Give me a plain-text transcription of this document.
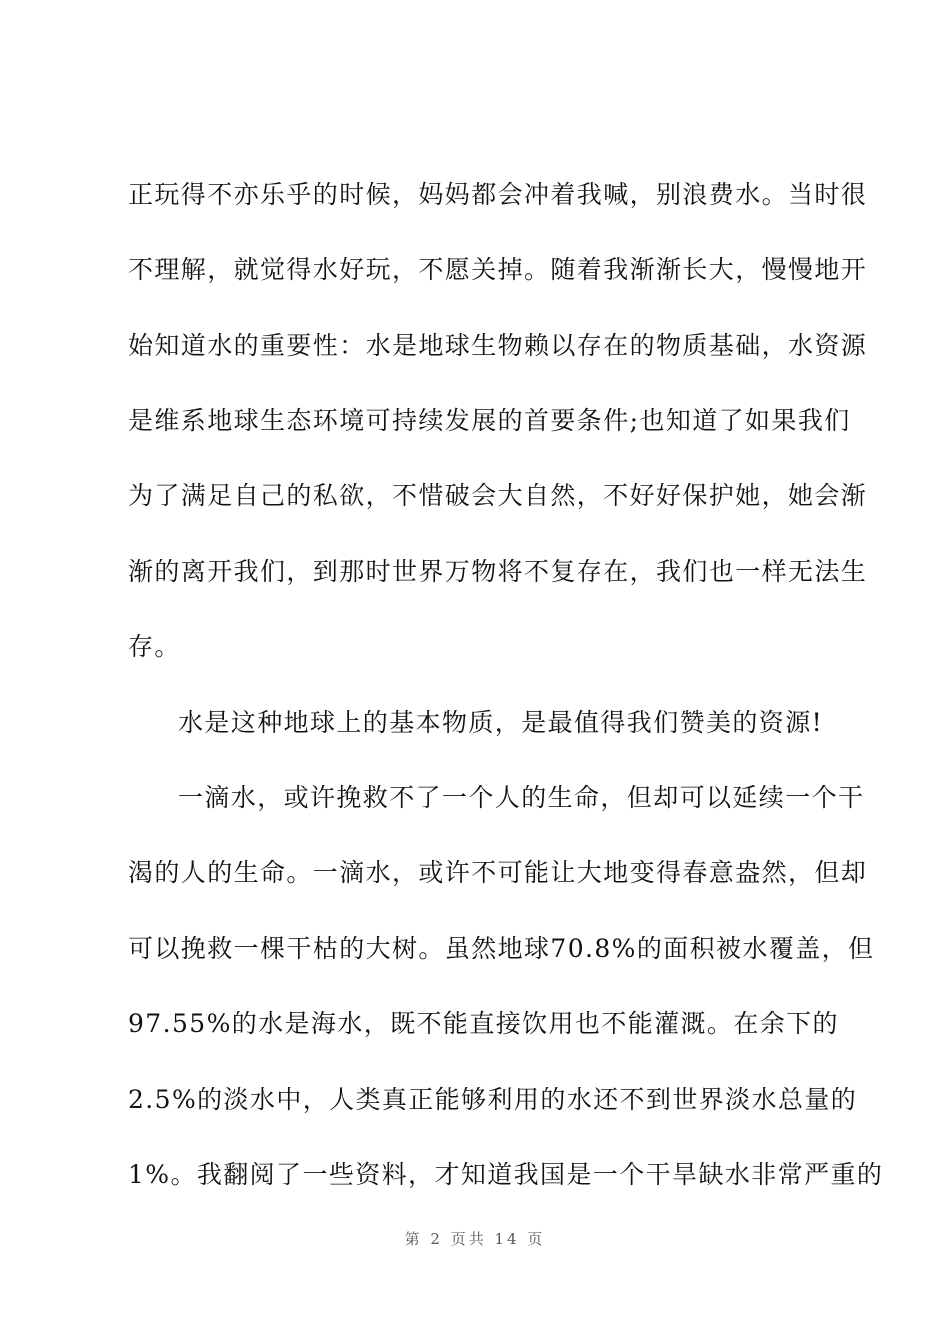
正玩得不亦乐乎的时候，妈妈都会冲着我喊，别浪费水。当时很
不理解，就觉得水好玩，不愿关掉。随着我渐渐长大，慢慢地开
始知道水的重要性：水是地球生物赖以存在的物质基础，水资源
是维系地球生态环境可持续发展的首要条件;也知道了如果我们
为了满足自己的私欲，不惜破会大自然，不好好保护她，她会渐
渐的离开我们，到那时世界万物将不复存在，我们也一样无法生
存。
水是这种地球上的基本物质，是最值得我们赞美的资源!
一滴水，或许挽救不了一个人的生命，但却可以延续一个干
渴的人的生命。一滴水，或许不可能让大地变得春意盎然，但却
可以挽救一棵干枯的大树。虽然地球70.8%的面积被水覆盖，但
97.55%的水是海水，既不能直接饮用也不能灌溉。在余下的
2.5%的淡水中，人类真正能够利用的水还不到世界淡水总量的
1%。我翻阅了一些资料，才知道我国是一个干旱缺水非常严重的
第 2 页共 14 页
